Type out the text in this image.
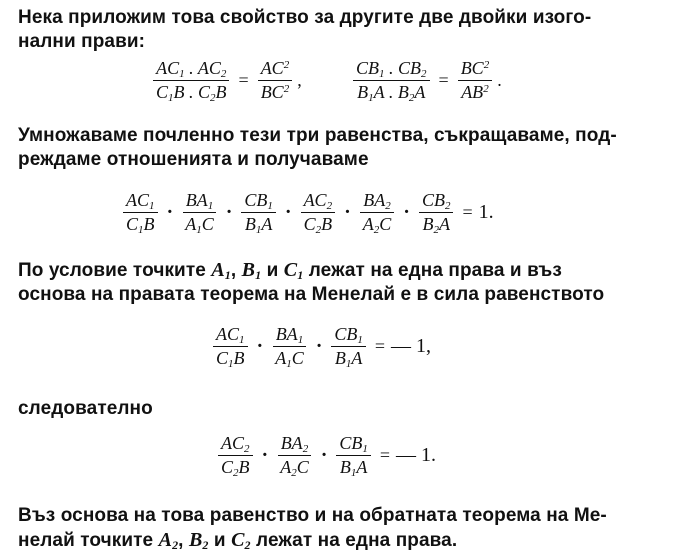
Нека приложим това свойство за другите две двойки изого-
нални прави:

$\frac{AC_1 . AC_2}{C_1B . C_2B} = \frac{AC^2}{BC^2}$ ,	$\frac{CB_1 . CB_2}{B_1A . B_2A} = \frac{BC^2}{AB^2}$ .

Умножаваме почленно тези три равенства, съкращаваме, под-
реждаме отношенията и получаваме

$\frac{AC_1}{C_1B} \cdot \frac{BA_1}{A_1C} \cdot \frac{CB_1}{B_1A} \cdot \frac{AC_2}{C_2B} \cdot \frac{BA_2}{A_2C} \cdot \frac{CB_2}{B_2A} = 1$.

По условие точките $A_1$, $B_1$ и $C_1$ лежат на една права и въз
основа на правата теорема на Менелай е в сила равенството

$\frac{AC_1}{C_1B} \cdot \frac{BA_1}{A_1C} \cdot \frac{CB_1}{B_1A}$ = — 1,

следователно

$\frac{AC_2}{C_2B} \cdot \frac{BA_2}{A_2C} \cdot \frac{CB_1}{B_1A}$ = — 1.

Въз основа на това равенство и на обратната теорема на Ме-
нелай точките $A_2$, $B_2$ и $C_2$ лежат на една права.
